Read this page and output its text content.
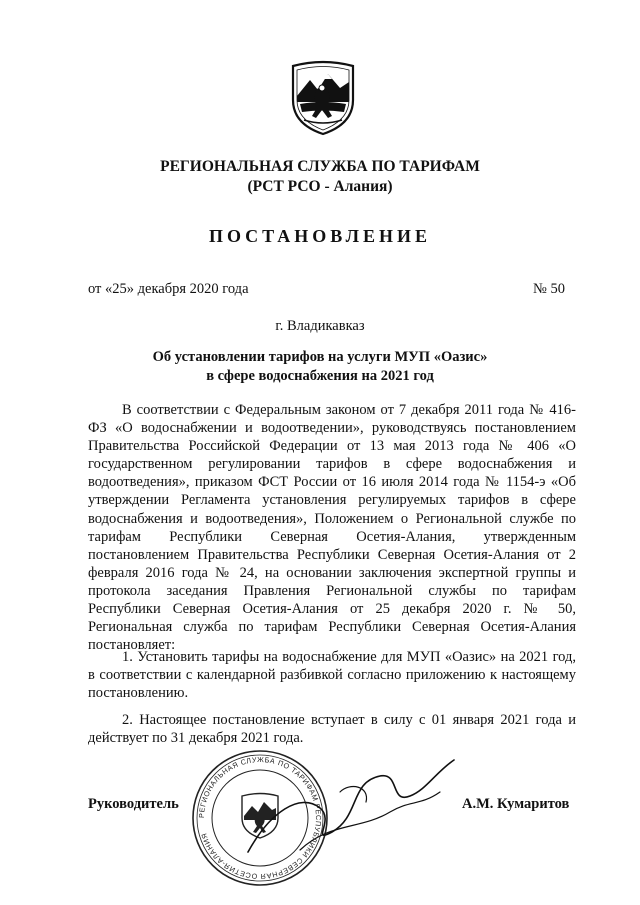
РЕГИОНАЛЬНАЯ СЛУЖБА ПО ТАРИФАМ
(РСТ РСО - Алания)
ПОСТАНОВЛЕНИЕ
от «25» декабря 2020 года	№ 50
г. Владикавказ
Об установлении тарифов на услуги МУП «Оазис»
в сфере водоснабжения на 2021 год

В соответствии с Федеральным законом от 7 декабря 2011 года № 416-ФЗ «О водоснабжении и водоотведении», руководствуясь постановлением Правительства Российской Федерации от 13 мая 2013 года № 406 «О государственном регулировании тарифов в сфере водоснабжения и водоотведения», приказом ФСТ России от 16 июля 2014 года № 1154-э «Об утверждении Регламента установления регулируемых тарифов в сфере водоснабжения и водоотведения», Положением о Региональной службе по тарифам Республики Северная Осетия-Алания, утвержденным постановлением Правительства Республики Северная Осетия-Алания от 2 февраля 2016 года № 24, на основании заключения экспертной группы и протокола заседания Правления Региональной службы по тарифам Республики Северная Осетия-Алания от 25 декабря 2020 г. № 50, Региональная служба по тарифам Республики Северная Осетия-Алания постановляет:

1. Установить тарифы на водоснабжение для МУП «Оазис» на 2021 год, в соответствии с календарной разбивкой согласно приложению к настоящему постановлению.

2. Настоящее постановление вступает в силу с 01 января 2021 года и действует по 31 декабря 2021 года.

Руководитель	А.М. Кумаритов
РЕГИОНАЛЬНАЯ СЛУЖБА ПО ТАРИФАМ РЕСПУБЛИКИ СЕВЕРНАЯ ОСЕТИЯ-АЛАНИЯ
